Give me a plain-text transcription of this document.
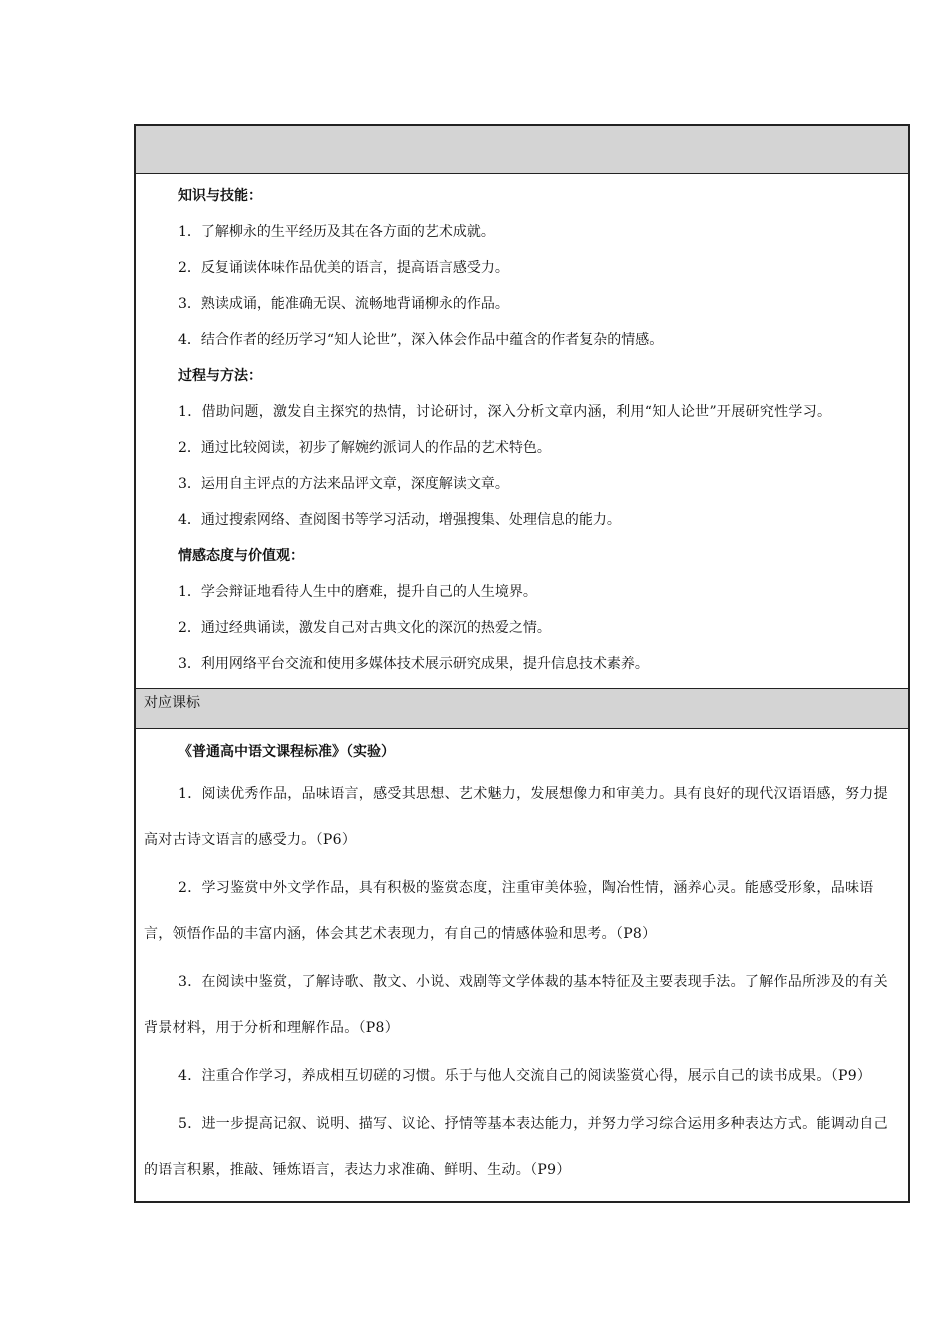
知识与技能：
1．了解柳永的生平经历及其在各方面的艺术成就。
2．反复诵读体味作品优美的语言，提高语言感受力。
3．熟读成诵，能准确无误、流畅地背诵柳永的作品。
4．结合作者的经历学习“知人论世”，深入体会作品中蕴含的作者复杂的情感。
过程与方法：
1．借助问题，激发自主探究的热情，讨论研讨，深入分析文章内涵，利用“知人论世”开展研究性学习。
2．通过比较阅读，初步了解婉约派词人的作品的艺术特色。
3．运用自主评点的方法来品评文章，深度解读文章。
4．通过搜索网络、查阅图书等学习活动，增强搜集、处理信息的能力。
情感态度与价值观：
1．学会辩证地看待人生中的磨难，提升自己的人生境界。
2．通过经典诵读，激发自己对古典文化的深沉的热爱之情。
3．利用网络平台交流和使用多媒体技术展示研究成果，提升信息技术素养。
对应课标
《普通高中语文课程标准》（实验）
1．阅读优秀作品，品味语言，感受其思想、艺术魅力，发展想像力和审美力。具有良好的现代汉语语感，努力提高对古诗文语言的感受力。（P6）
2．学习鉴赏中外文学作品，具有积极的鉴赏态度，注重审美体验，陶冶性情，涵养心灵。能感受形象，品味语言，领悟作品的丰富内涵，体会其艺术表现力，有自己的情感体验和思考。（P8）
3．在阅读中鉴赏，了解诗歌、散文、小说、戏剧等文学体裁的基本特征及主要表现手法。了解作品所涉及的有关背景材料，用于分析和理解作品。（P8）
4．注重合作学习，养成相互切磋的习惯。乐于与他人交流自己的阅读鉴赏心得，展示自己的读书成果。（P9）
5．进一步提高记叙、说明、描写、议论、抒情等基本表达能力，并努力学习综合运用多种表达方式。能调动自己的语言积累，推敲、锤炼语言，表达力求准确、鲜明、生动。（P9）
